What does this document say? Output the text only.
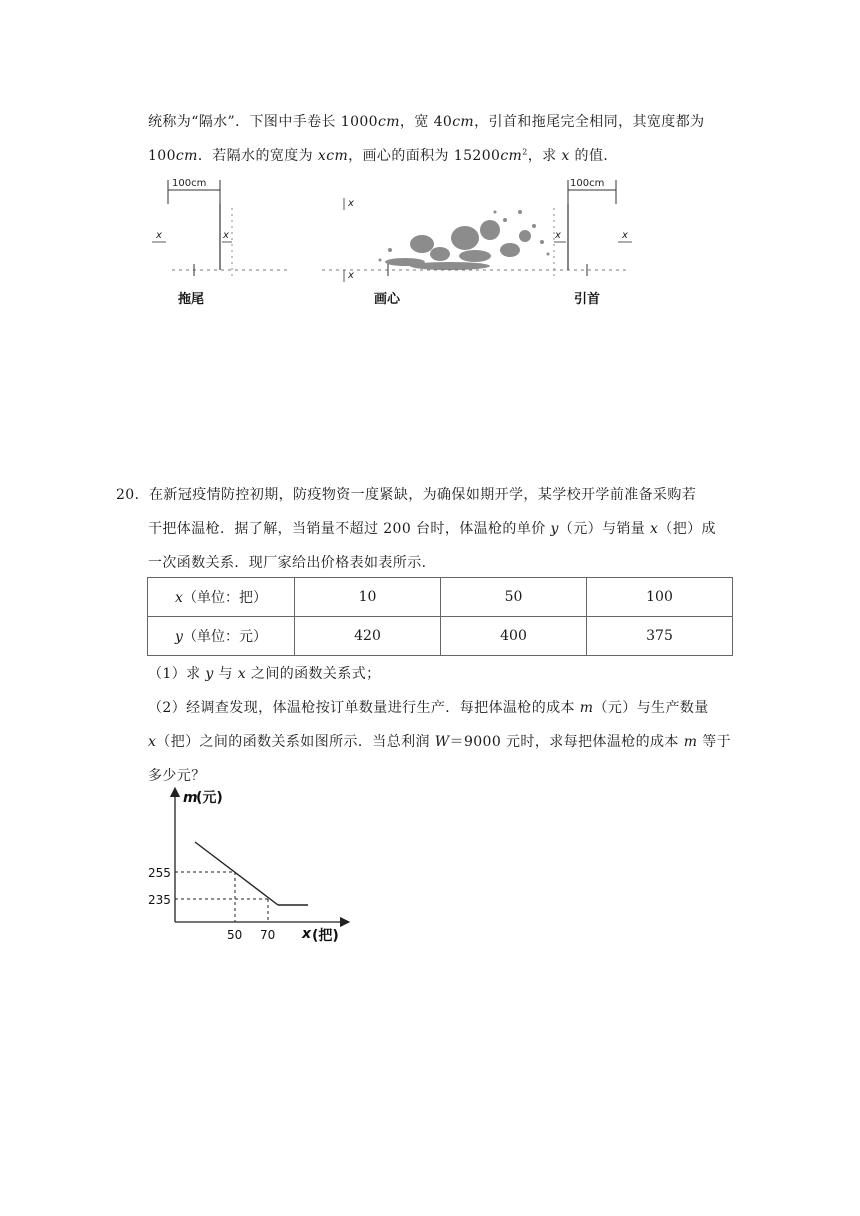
统称为“隔水”．下图中手卷长 1000cm，宽 40cm，引首和拖尾完全相同，其宽度都为
100cm．若隔水的宽度为 xcm，画心的面积为 $15200cm^2$，求 x 的值．
100cm
x	x
x
x
x	x
100cm
拖尾	画心	引首
20．在新冠疫情防控初期，防疫物资一度紧缺，为确保如期开学，某学校开学前准备采购若
干把体温枪．据了解，当销量不超过 200 台时，体温枪的单价 y（元）与销量 x（把）成
一次函数关系．现厂家给出价格表如表所示．
x（单位：把）	10	50	100
y（单位：元）	420	400	375
（1）求 y 与 x 之间的函数关系式；
（2）经调查发现，体温枪按订单数量进行生产．每把体温枪的成本 m（元）与生产数量
x（把）之间的函数关系如图所示．当总利润 W＝9000 元时，求每把体温枪的成本 m 等于
多少元？
m
(元)
x (把)
255
235
50 70
